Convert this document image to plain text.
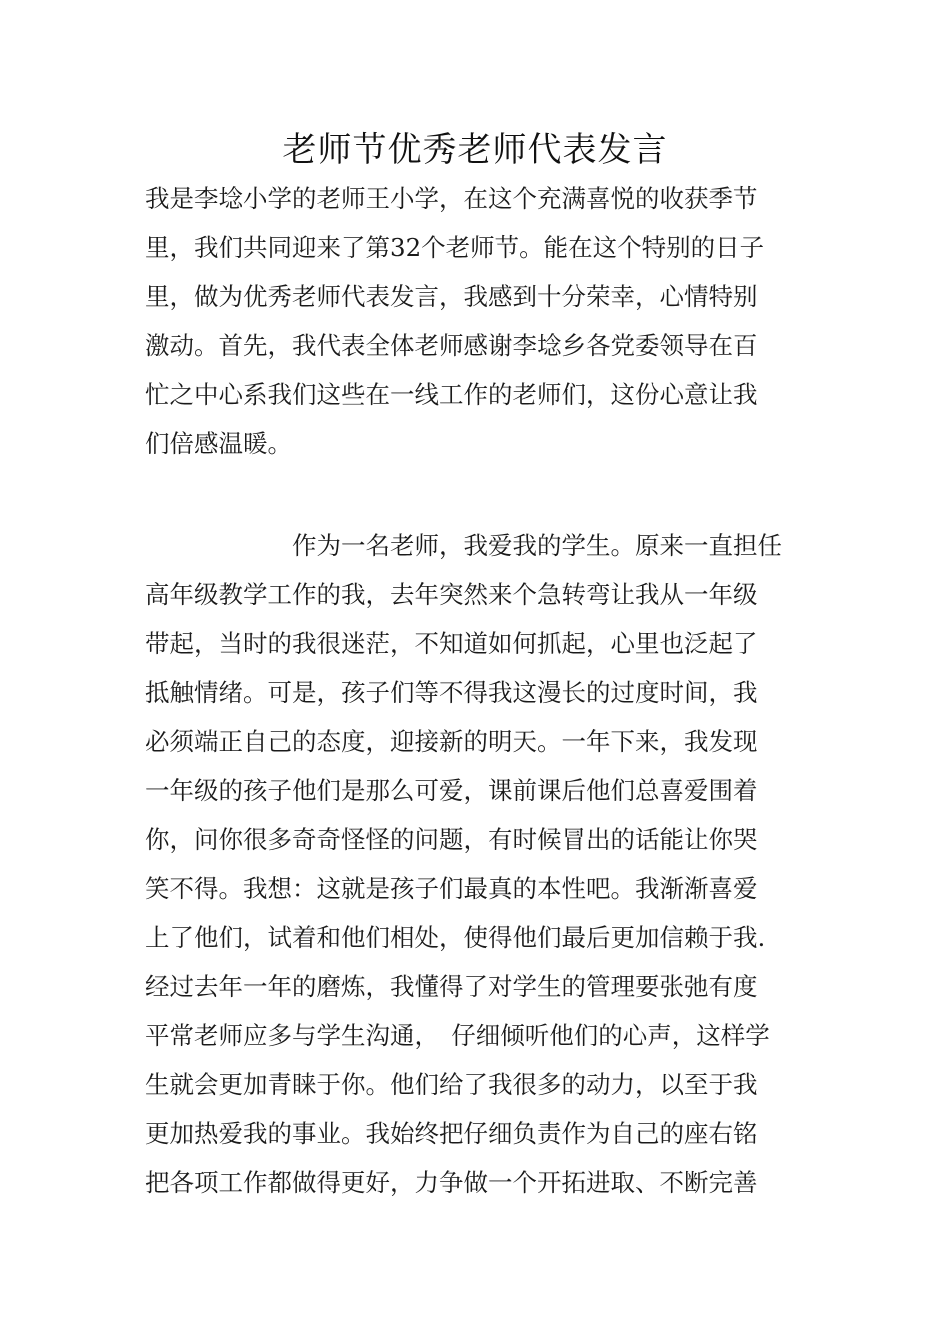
老师节优秀老师代表发言
我是李埝小学的老师王小学，在这个充满喜悦的收获季节
里，我们共同迎来了第32个老师节。能在这个特别的日子
里，做为优秀老师代表发言，我感到十分荣幸，心情特别
激动。首先，我代表全体老师感谢李埝乡各党委领导在百
忙之中心系我们这些在一线工作的老师们，这份心意让我
们倍感温暖。
　　　　　　作为一名老师，我爱我的学生。原来一直担任
高年级教学工作的我，去年突然来个急转弯让我从一年级
带起，当时的我很迷茫，不知道如何抓起，心里也泛起了
抵触情绪。可是，孩子们等不得我这漫长的过度时间，我
必须端正自己的态度，迎接新的明天。一年下来，我发现
一年级的孩子他们是那么可爱，课前课后他们总喜爱围着
你，问你很多奇奇怪怪的问题，有时候冒出的话能让你哭
笑不得。我想：这就是孩子们最真的本性吧。我渐渐喜爱
上了他们，试着和他们相处，使得他们最后更加信赖于我.
经过去年一年的磨炼，我懂得了对学生的管理要张弛有度
平常老师应多与学生沟通，　仔细倾听他们的心声，这样学
生就会更加青睐于你。他们给了我很多的动力，以至于我
更加热爱我的事业。我始终把仔细负责作为自己的座右铭
把各项工作都做得更好，力争做一个开拓进取、不断完善
